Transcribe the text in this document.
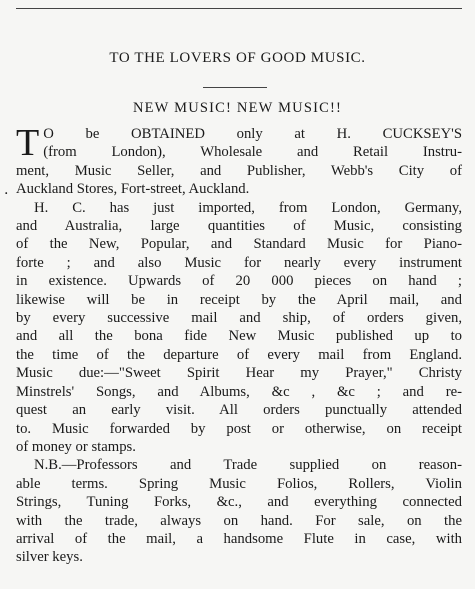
TO THE LOVERS OF GOOD MUSIC.
NEW MUSIC! NEW MUSIC!!
.
T O be OBTAINED only at H. CUCKSEY'S
(from London), Wholesale and Retail Instru-
ment, Music Seller, and Publisher, Webb's City of
Auckland Stores, Fort-street, Auckland.
H. C. has just imported, from London, Germany,
and Australia, large quantities of Music, consisting
of the New, Popular, and Standard Music for Piano-
forte ; and also Music for nearly every instrument
in existence. Upwards of 20 000 pieces on hand ;
likewise will be in receipt by the April mail, and
by every successive mail and ship, of orders given,
and all the bona fide New Music published up to
the time of the departure of every mail from England.
Music due:—"Sweet Spirit Hear my Prayer," Christy
Minstrels' Songs, and Albums, &c , &c ; and re-
quest an early visit. All orders punctually attended
to. Music forwarded by post or otherwise, on receipt
of money or stamps.
N.B.—Professors and Trade supplied on reason-
able terms. Spring Music Folios, Rollers, Violin
Strings, Tuning Forks, &c., and everything connected
with the trade, always on hand. For sale, on the
arrival of the mail, a handsome Flute in case, with
silver keys.
